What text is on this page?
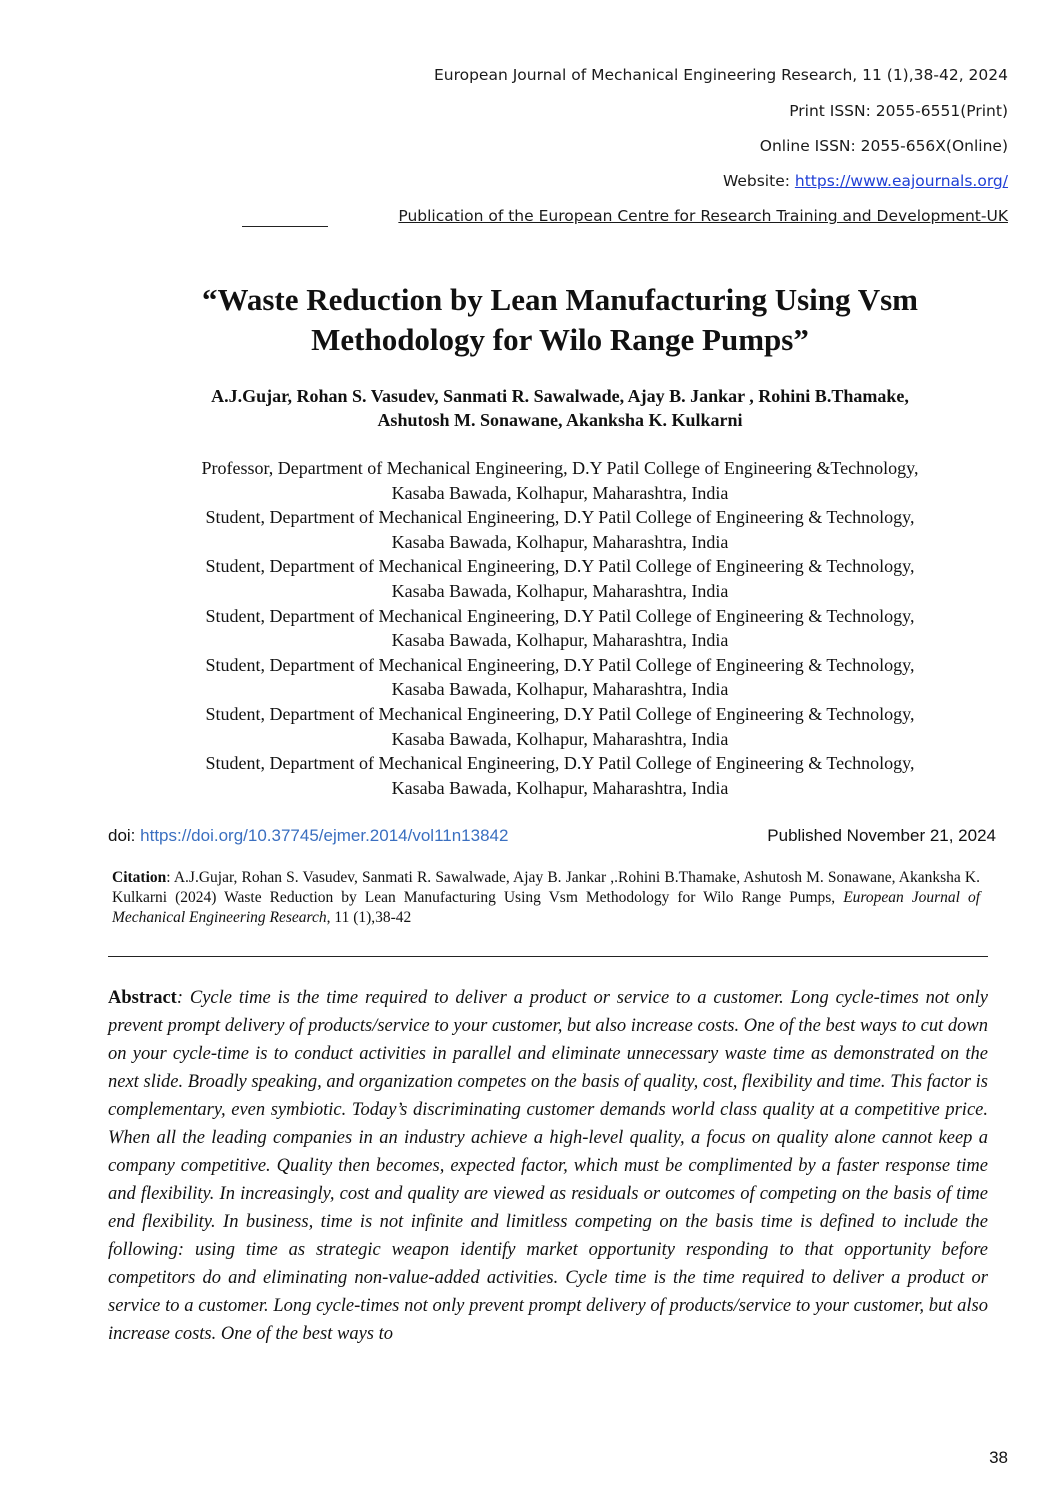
European Journal of Mechanical Engineering Research, 11 (1),38-42, 2024
Print ISSN: 2055-6551(Print)
Online ISSN: 2055-656X(Online)
Website: https://www.eajournals.org/
Publication of the European Centre for Research Training and Development-UK
“Waste Reduction by Lean Manufacturing Using Vsm
Methodology for Wilo Range Pumps”
A.J.Gujar, Rohan S. Vasudev, Sanmati R. Sawalwade, Ajay B. Jankar , Rohini B.Thamake,
Ashutosh M. Sonawane, Akanksha K. Kulkarni
Professor, Department of Mechanical Engineering, D.Y Patil College of Engineering &Technology,
Kasaba Bawada, Kolhapur, Maharashtra, India
Student, Department of Mechanical Engineering, D.Y Patil College of Engineering & Technology,
Kasaba Bawada, Kolhapur, Maharashtra, India
Student, Department of Mechanical Engineering, D.Y Patil College of Engineering & Technology,
Kasaba Bawada, Kolhapur, Maharashtra, India
Student, Department of Mechanical Engineering, D.Y Patil College of Engineering & Technology,
Kasaba Bawada, Kolhapur, Maharashtra, India
Student, Department of Mechanical Engineering, D.Y Patil College of Engineering & Technology,
Kasaba Bawada, Kolhapur, Maharashtra, India
Student, Department of Mechanical Engineering, D.Y Patil College of Engineering & Technology,
Kasaba Bawada, Kolhapur, Maharashtra, India
Student, Department of Mechanical Engineering, D.Y Patil College of Engineering & Technology,
Kasaba Bawada, Kolhapur, Maharashtra, India
doi: https://doi.org/10.37745/ejmer.2014/vol11n13842	Published November 21, 2024
Citation: A.J.Gujar, Rohan S. Vasudev, Sanmati R. Sawalwade, Ajay B. Jankar ,.Rohini B.Thamake, Ashutosh M. Sonawane, Akanksha K. Kulkarni (2024) Waste Reduction by Lean Manufacturing Using Vsm Methodology for Wilo Range Pumps, European Journal of Mechanical Engineering Research, 11 (1),38-42
Abstract: Cycle time is the time required to deliver a product or service to a customer. Long cycle-times not only prevent prompt delivery of products/service to your customer, but also increase costs. One of the best ways to cut down on your cycle-time is to conduct activities in parallel and eliminate unnecessary waste time as demonstrated on the next slide. Broadly speaking, and organization competes on the basis of quality, cost, flexibility and time. This factor is complementary, even symbiotic. Today’s discriminating customer demands world class quality at a competitive price. When all the leading companies in an industry achieve a high-level quality, a focus on quality alone cannot keep a company competitive. Quality then becomes, expected factor, which must be complimented by a faster response time and flexibility. In increasingly, cost and quality are viewed as residuals or outcomes of competing on the basis of time end flexibility. In business, time is not infinite and limitless competing on the basis time is defined to include the following: using time as strategic weapon identify market opportunity responding to that opportunity before competitors do and eliminating non-value-added activities. Cycle time is the time required to deliver a product or service to a customer. Long cycle-times not only prevent prompt delivery of products/service to your customer, but also increase costs. One of the best ways to
38
